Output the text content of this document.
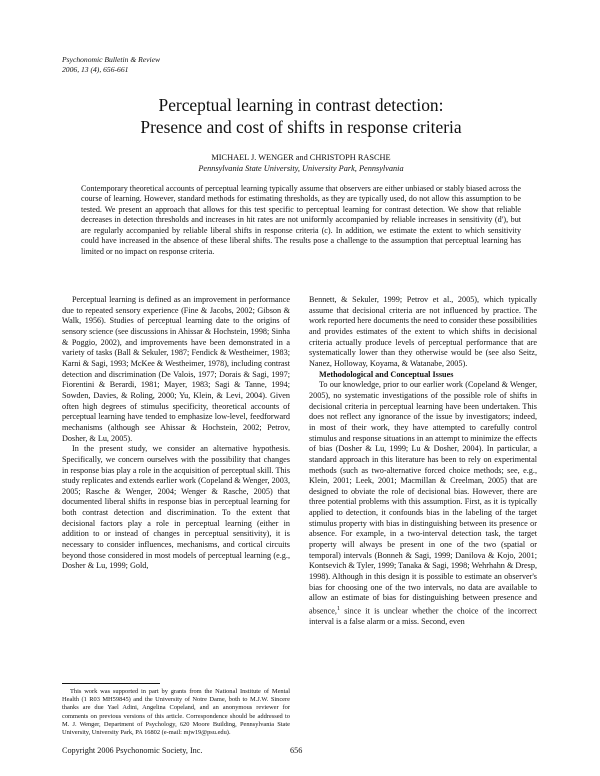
Psychonomic Bulletin & Review
2006, 13 (4), 656-661
Perceptual learning in contrast detection:
Presence and cost of shifts in response criteria
MICHAEL J. WENGER and CHRISTOPH RASCHE
Pennsylvania State University, University Park, Pennsylvania
Contemporary theoretical accounts of perceptual learning typically assume that observers are either unbiased or stably biased across the course of learning. However, standard methods for estimating thresholds, as they are typically used, do not allow this assumption to be tested. We present an approach that allows for this test specific to perceptual learning for contrast detection. We show that reliable decreases in detection thresholds and increases in hit rates are not uniformly accompanied by reliable increases in sensitivity (d′), but are regularly accompanied by reliable liberal shifts in response criteria (c). In addition, we estimate the extent to which sensitivity could have increased in the absence of these liberal shifts. The results pose a challenge to the assumption that perceptual learning has limited or no impact on response criteria.

Perceptual learning is defined as an improvement in performance due to repeated sensory experience (Fine & Jacobs, 2002; Gibson & Walk, 1956). Studies of perceptual learning date to the origins of sensory science (see discussions in Ahissar & Hochstein, 1998; Sinha & Poggio, 2002), and improvements have been demonstrated in a variety of tasks (Ball & Sekuler, 1987; Fendick & Westheimer, 1983; Karni & Sagi, 1993; McKee & Westheimer, 1978), including contrast detection and discrimination (De Valois, 1977; Dorais & Sagi, 1997; Fiorentini & Berardi, 1981; Mayer, 1983; Sagi & Tanne, 1994; Sowden, Davies, & Roling, 2000; Yu, Klein, & Levi, 2004). Given often high degrees of stimulus specificity, theoretical accounts of perceptual learning have tended to emphasize low-level, feedforward mechanisms (although see Ahissar & Hochstein, 2002; Petrov, Dosher, & Lu, 2005).

In the present study, we consider an alternative hypothesis. Specifically, we concern ourselves with the possibility that changes in response bias play a role in the acquisition of perceptual skill. This study replicates and extends earlier work (Copeland & Wenger, 2003, 2005; Rasche & Wenger, 2004; Wenger & Rasche, 2005) that documented liberal shifts in response bias in perceptual learning for both contrast detection and discrimination. To the extent that decisional factors play a role in perceptual learning (either in addition to or instead of changes in perceptual sensitivity), it is necessary to consider influences, mechanisms, and cortical circuits beyond those considered in most models of perceptual learning (e.g., Dosher & Lu, 1999; Gold,

Bennett, & Sekuler, 1999; Petrov et al., 2005), which typically assume that decisional criteria are not influenced by practice. The work reported here documents the need to consider these possibilities and provides estimates of the extent to which shifts in decisional criteria actually produce levels of perceptual performance that are systematically lower than they otherwise would be (see also Seitz, Nanez, Holloway, Koyama, & Watanabe, 2005).

Methodological and Conceptual Issues

To our knowledge, prior to our earlier work (Copeland & Wenger, 2005), no systematic investigations of the possible role of shifts in decisional criteria in perceptual learning have been undertaken. This does not reflect any ignorance of the issue by investigators; indeed, in most of their work, they have attempted to carefully control stimulus and response situations in an attempt to minimize the effects of bias (Dosher & Lu, 1999; Lu & Dosher, 2004). In particular, a standard approach in this literature has been to rely on experimental methods (such as two-alternative forced choice methods; see, e.g., Klein, 2001; Leek, 2001; Macmillan & Creelman, 2005) that are designed to obviate the role of decisional bias. However, there are three potential problems with this assumption. First, as it is typically applied to detection, it confounds bias in the labeling of the target stimulus property with bias in distinguishing between its presence or absence. For example, in a two-interval detection task, the target property will always be present in one of the two (spatial or temporal) intervals (Bonneh & Sagi, 1999; Danilova & Kojo, 2001; Kontsevich & Tyler, 1999; Tanaka & Sagi, 1998; Wehrhahn & Dresp, 1998). Although in this design it is possible to estimate an observer's bias for choosing one of the two intervals, no data are available to allow an estimate of bias for distinguishing between presence and absence,$^1$ since it is unclear whether the choice of the incorrect interval is a false alarm or a miss. Second, even

This work was supported in part by grants from the National Institute of Mental Health (1 R03 MH59845) and the University of Notre Dame, both to M.J.W. Sincere thanks are due Yael Adini, Angelina Copeland, and an anonymous reviewer for comments on previous versions of this article. Correspondence should be addressed to M. J. Wenger, Department of Psychology, 620 Moore Building, Pennsylvania State University, University Park, PA 16802 (e-mail: mjw19@psu.edu).
Copyright 2006 Psychonomic Society, Inc.	656
